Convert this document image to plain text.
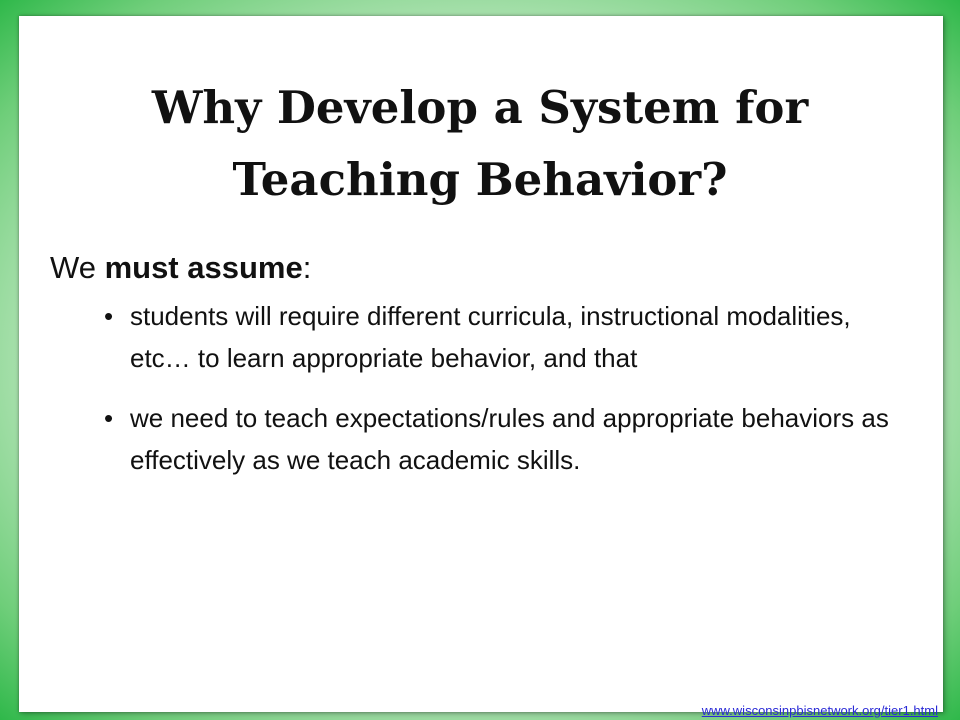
Why Develop a System for
Teaching Behavior?
We must assume:
• students will require different curricula, instructional modalities, etc… to learn appropriate behavior, and that
• we need to teach expectations/rules and appropriate behaviors as effectively as we teach academic skills.
www.wisconsinpbisnetwork.org/tier1.html
